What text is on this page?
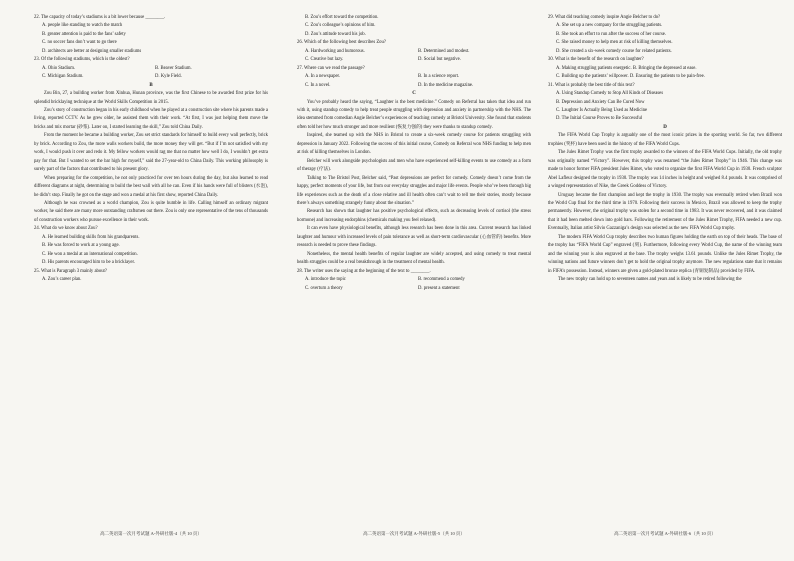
22. The capacity of today’s stadiums is a bit lower because ________.
A. people like standing to watch the match
B. greater attention is paid to the fans’ safety
C. no soccer fans don’t want to go there
D. architects are better at designing smaller stadiums
23. Of the following stadiums, which is the oldest?
A. Ohio Stadium.	B. Beaver Stadium.
C. Michigan Stadium.	D. Kyle Field.
B
Zou Bin, 27, a building worker from Xinhua, Hunan province, was the first Chinese to be awarded first prize for his splendid bricklaying technique at the World Skills Competition in 2015.
Zou’s story of construction began in his early childhood when he played at a construction site where his parents made a living, reported CCTV. As he grew older, he assisted them with their work. “At first, I was just helping them move the bricks and mix mortar (砂浆). Later on, I started learning the skill,” Zou told China Daily.
From the moment he became a building worker, Zou set strict standards for himself to build every wall perfectly, brick by brick. According to Zou, the more walls workers build, the more money they will get. “But if I’m not satisfied with my work, I would push it over and redo it. My fellow workers would rag me that no matter how well I do, I wouldn’t get extra pay for that. But I wanted to set the bar high for myself,” said the 27-year-old to China Daily. This working philosophy is surely part of the factors that contributed to his present glory.
When preparing for the competition, he not only practiced for over ten hours during the day, but also learned to read different diagrams at night, determining to build the best wall with all he can. Even if his hands were full of blisters (水泡), he didn’t stop. Finally he got on the stage and won a medal at his first show, reported China Daily.
Although he was crowned as a world champion, Zou is quite humble in life. Calling himself an ordinary migrant worker, he said there are many more outstanding craftsmen out there. Zou is only one representative of the tens of thousands of construction workers who pursue excellence in their work.
24. What do we know about Zou?
A. He learned building skills from his grandparents.
B. He was forced to work at a young age.
C. He won a medal at an international competition.
D. His parents encouraged him to be a bricklayer.
25. What is Paragraph 3 mainly about?
A. Zou’s career plan.
B. Zou’s effort toward the competition.
C. Zou’s colleague’s opinions of him.
D. Zou’s attitude toward his job.
26. Which of the following best describes Zou?
A. Hardworking and humorous.	B. Determined and modest.
C. Creative but lazy.	D. Social but negative.
27. Where can we read the passage?
A. In a newspaper.	B. In a science report.
C. In a novel.	D. In the medicine magazine.
C
You’ve probably heard the saying, “Laughter is the best medicine.” Comedy on Referral has taken that idea and run with it, using standup comedy to help treat people struggling with depression and anxiety in partnership with the NHS. The idea stemmed from comedian Angie Belcher’s experiences of teaching comedy at Bristol University. She found that students often told her how much stronger and more resilient (恢复力强的) they were thanks to standup comedy.
Inspired, she teamed up with the NHS in Bristol to create a six-week comedy course for patients struggling with depression in January 2022. Following the success of this initial course, Comedy on Referral won NHS funding to help men at risk of killing themselves in London.
Belcher will work alongside psychologists and men who have experienced self-killing events to use comedy as a form of therapy (疗法).
Talking to The Bristol Post, Belcher said, “Past depressions are perfect for comedy. Comedy doesn’t come from the happy, perfect moments of your life, but from our everyday struggles and major life events. People who’ve been through big life experiences such as the death of a close relative and ill health often can’t wait to tell me their stories, mostly because there’s always something strangely funny about the situation.”
Research has shown that laughter has positive psychological effects, such as decreasing levels of cortisol (the stress hormone) and increasing endorphins (chemicals making you feel relaxed).
It can even have physiological benefits, although less research has been done in this area. Current research has linked laughter and humour with increased levels of pain tolerance as well as short-term cardiovascular (心血管的) benefits. More research is needed to prove these findings.
Nonetheless, the mental health benefits of regular laughter are widely accepted, and using comedy to treat mental health struggles could be a real breakthrough in the treatment of mental health.
28. The writer uses the saying at the beginning of the text to ________.
A. introduce the topic	B. recommend a comedy
C. overturn a theory	D. present a statement
29. What did teaching comedy inspire Angie Belcher to do?
A. She set up a new company for the struggling patients.
B. She took an effort to run after the success of her course.
C. She raised money to help men at risk of killing themselves.
D. She created a six-week comedy course for related patients.
30. What is the benefit of the research on laughter?
A. Making struggling patients energetic. B. Bringing the depressed at ease.
C. Building up the patients’ willpower. D. Ensuring the patients to be pain-free.
31. What is probably the best title of this text?
A. Using Standup Comedy to Stop All Kinds of Diseases
B. Depression and Anxiety Can Be Cured Now
C. Laughter Is Actually Being Used as Medicine
D. The Initial Course Proves to Be Successful
D
The FIFA World Cup Trophy is arguably one of the most iconic prizes in the sporting world. So far, two different trophies (奖杯) have been used in the history of the FIFA World Cups.
The Jules Rimet Trophy was the first trophy awarded to the winners of the FIFA World Cups. Initially, the old trophy was originally named “Victory”. However, this trophy was renamed “the Jules Rimet Trophy” in 1946. This change was made to honor former FIFA president Jules Rimet, who voted to organize the first FIFA World Cup in 1930. French sculptor Abel Lafleur designed the trophy in 1930. The trophy was 14 inches in height and weighed 8.4 pounds. It was comprised of a winged representation of Nike, the Greek Goddess of Victory.
Uruguay became the first champion and kept the trophy in 1930. The trophy was eventually retired when Brazil won the World Cup final for the third time in 1970. Following their success in Mexico, Brazil was allowed to keep the trophy permanently. However, the original trophy was stolen for a second time in 1983. It was never recovered, and it was claimed that it had been melted down into gold bars. Following the retirement of the Jules Rimet Trophy, FIFA needed a new cup. Eventually, Italian artist Silvio Gazzaniga’s design was selected as the new FIFA World Cup trophy.
The modern FIFA World Cup trophy describes two human figures holding the earth on top of their heads. The base of the trophy has “FIFA World Cup” engraved (刻). Furthermore, following every World Cup, the name of the winning team and the winning year is also engraved at the base. The trophy weighs 13.61 pounds. Unlike the Jules Rimet Trophy, the winning nations and future winners don’t get to hold the original trophy anymore. The new regulations state that it remains in FIFA’s possession. Instead, winners are given a gold-plated bronze replica (青铜复制品) provided by FIFA.
The new trophy can hold up to seventeen names and years and is likely to be retired following the
高二英语第一次月考试题 A-外研社版-4（共 10 页）	高二英语第一次月考试题 A-外研社版-5（共 10 页）	高二英语第一次月考试题 A-外研社版-6（共 10 页）
